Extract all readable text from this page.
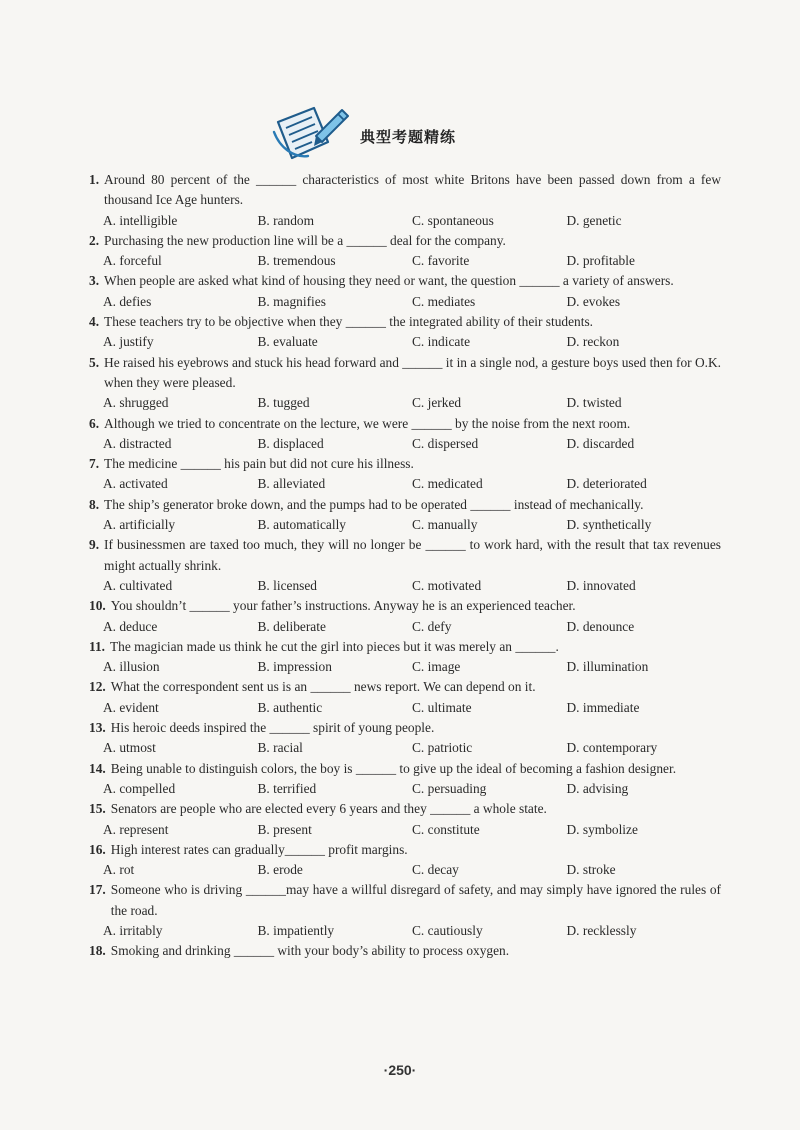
典型考题精练
1. Around 80 percent of the ______ characteristics of most white Britons have been passed down from a few thousand Ice Age hunters.
A. intelligible	B. random	C. spontaneous	D. genetic
2. Purchasing the new production line will be a ______ deal for the company.
A. forceful	B. tremendous	C. favorite	D. profitable
3. When people are asked what kind of housing they need or want, the question ______ a variety of answers.
A. defies	B. magnifies	C. mediates	D. evokes
4. These teachers try to be objective when they ______ the integrated ability of their students.
A. justify	B. evaluate	C. indicate	D. reckon
5. He raised his eyebrows and stuck his head forward and ______ it in a single nod, a gesture boys used then for O.K. when they were pleased.
A. shrugged	B. tugged	C. jerked	D. twisted
6. Although we tried to concentrate on the lecture, we were ______ by the noise from the next room.
A. distracted	B. displaced	C. dispersed	D. discarded
7. The medicine ______ his pain but did not cure his illness.
A. activated	B. alleviated	C. medicated	D. deteriorated
8. The ship’s generator broke down, and the pumps had to be operated ______ instead of mechanically.
A. artificially	B. automatically	C. manually	D. synthetically
9. If businessmen are taxed too much, they will no longer be ______ to work hard, with the result that tax revenues might actually shrink.
A. cultivated	B. licensed	C. motivated	D. innovated
10. You shouldn’t ______ your father’s instructions. Anyway he is an experienced teacher.
A. deduce	B. deliberate	C. defy	D. denounce
11. The magician made us think he cut the girl into pieces but it was merely an ______.
A. illusion	B. impression	C. image	D. illumination
12. What the correspondent sent us is an ______ news report. We can depend on it.
A. evident	B. authentic	C. ultimate	D. immediate
13. His heroic deeds inspired the ______ spirit of young people.
A. utmost	B. racial	C. patriotic	D. contemporary
14. Being unable to distinguish colors, the boy is ______ to give up the ideal of becoming a fashion designer.
A. compelled	B. terrified	C. persuading	D. advising
15. Senators are people who are elected every 6 years and they ______ a whole state.
A. represent	B. present	C. constitute	D. symbolize
16. High interest rates can gradually______ profit margins.
A. rot	B. erode	C. decay	D. stroke
17. Someone who is driving ______may have a willful disregard of safety, and may simply have ignored the rules of the road.
A. irritably	B. impatiently	C. cautiously	D. recklessly
18. Smoking and drinking ______ with your body’s ability to process oxygen.
·250·
